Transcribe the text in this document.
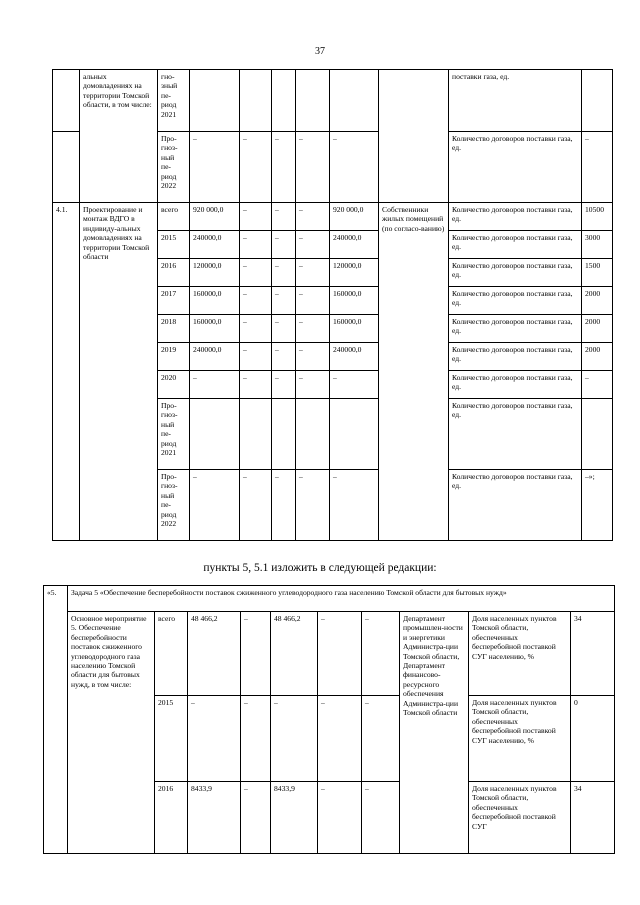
37
	альных домовладениях на территории Томской области, в том числе:	гно-зный пе-риод 2021							поставки газа, ед.	
		Про-гноз-ный пе-риод 2022	–	–	–	–	–		Количество договоров поставки газа, ед.	–
4.1.	Проектирование и монтаж ВДГО в индивиду-альных домовладениях на территории Томской области	всего	920 000,0	–	–	–	920 000,0	Собственники жилых помещений (по согласо-ванию)	Количество договоров поставки газа, ед.	10500
		2015	240000,0	–	–	–	240000,0		Количество договоров поставки газа, ед.	3000
		2016	120000,0	–	–	–	120000,0		Количество договоров поставки газа, ед.	1500
		2017	160000,0	–	–	–	160000,0		Количество договоров поставки газа, ед.	2000
		2018	160000,0	–	–	–	160000,0		Количество договоров поставки газа, ед.	2000
		2019	240000,0	–	–	–	240000,0		Количество договоров поставки газа, ед.	2000
		2020	–	–	–	–	–		Количество договоров поставки газа, ед.	–
		Про-гноз-ный пе-риод 2021							Количество договоров поставки газа, ед.	
		Про-гноз-ный пе-риод 2022	–	–	–	–	–		Количество договоров поставки газа, ед.	–»;
пункты 5, 5.1 изложить в следующей редакции:
«5.	Задача 5 «Обеспечение бесперебойности поставок сжиженного углеводородного газа населению Томской области для бытовых нужд»									
	Основное мероприятие 5. Обеспечение бесперебойности поставок сжиженного углеводородного газа населению Томской области для бытовых нужд, в том числе:	всего	48 466,2	–	48 466,2	–	–	Департамент промышлен-ности и энергетики Администра-ции Томской области, Департамент финансово-ресурсного обеспечения Администра-ции Томской области	Доля населенных пунктов Томской области, обеспеченных бесперебойной поставкой СУГ населению, %	34
		2015	–	–	–	–	–		Доля населенных пунктов Томской области, обеспеченных бесперебойной поставкой СУГ населению, %	0
		2016	8433,9	–	8433,9	–	–		Доля населенных пунктов Томской области, обеспеченных бесперебойной поставкой СУГ	34
